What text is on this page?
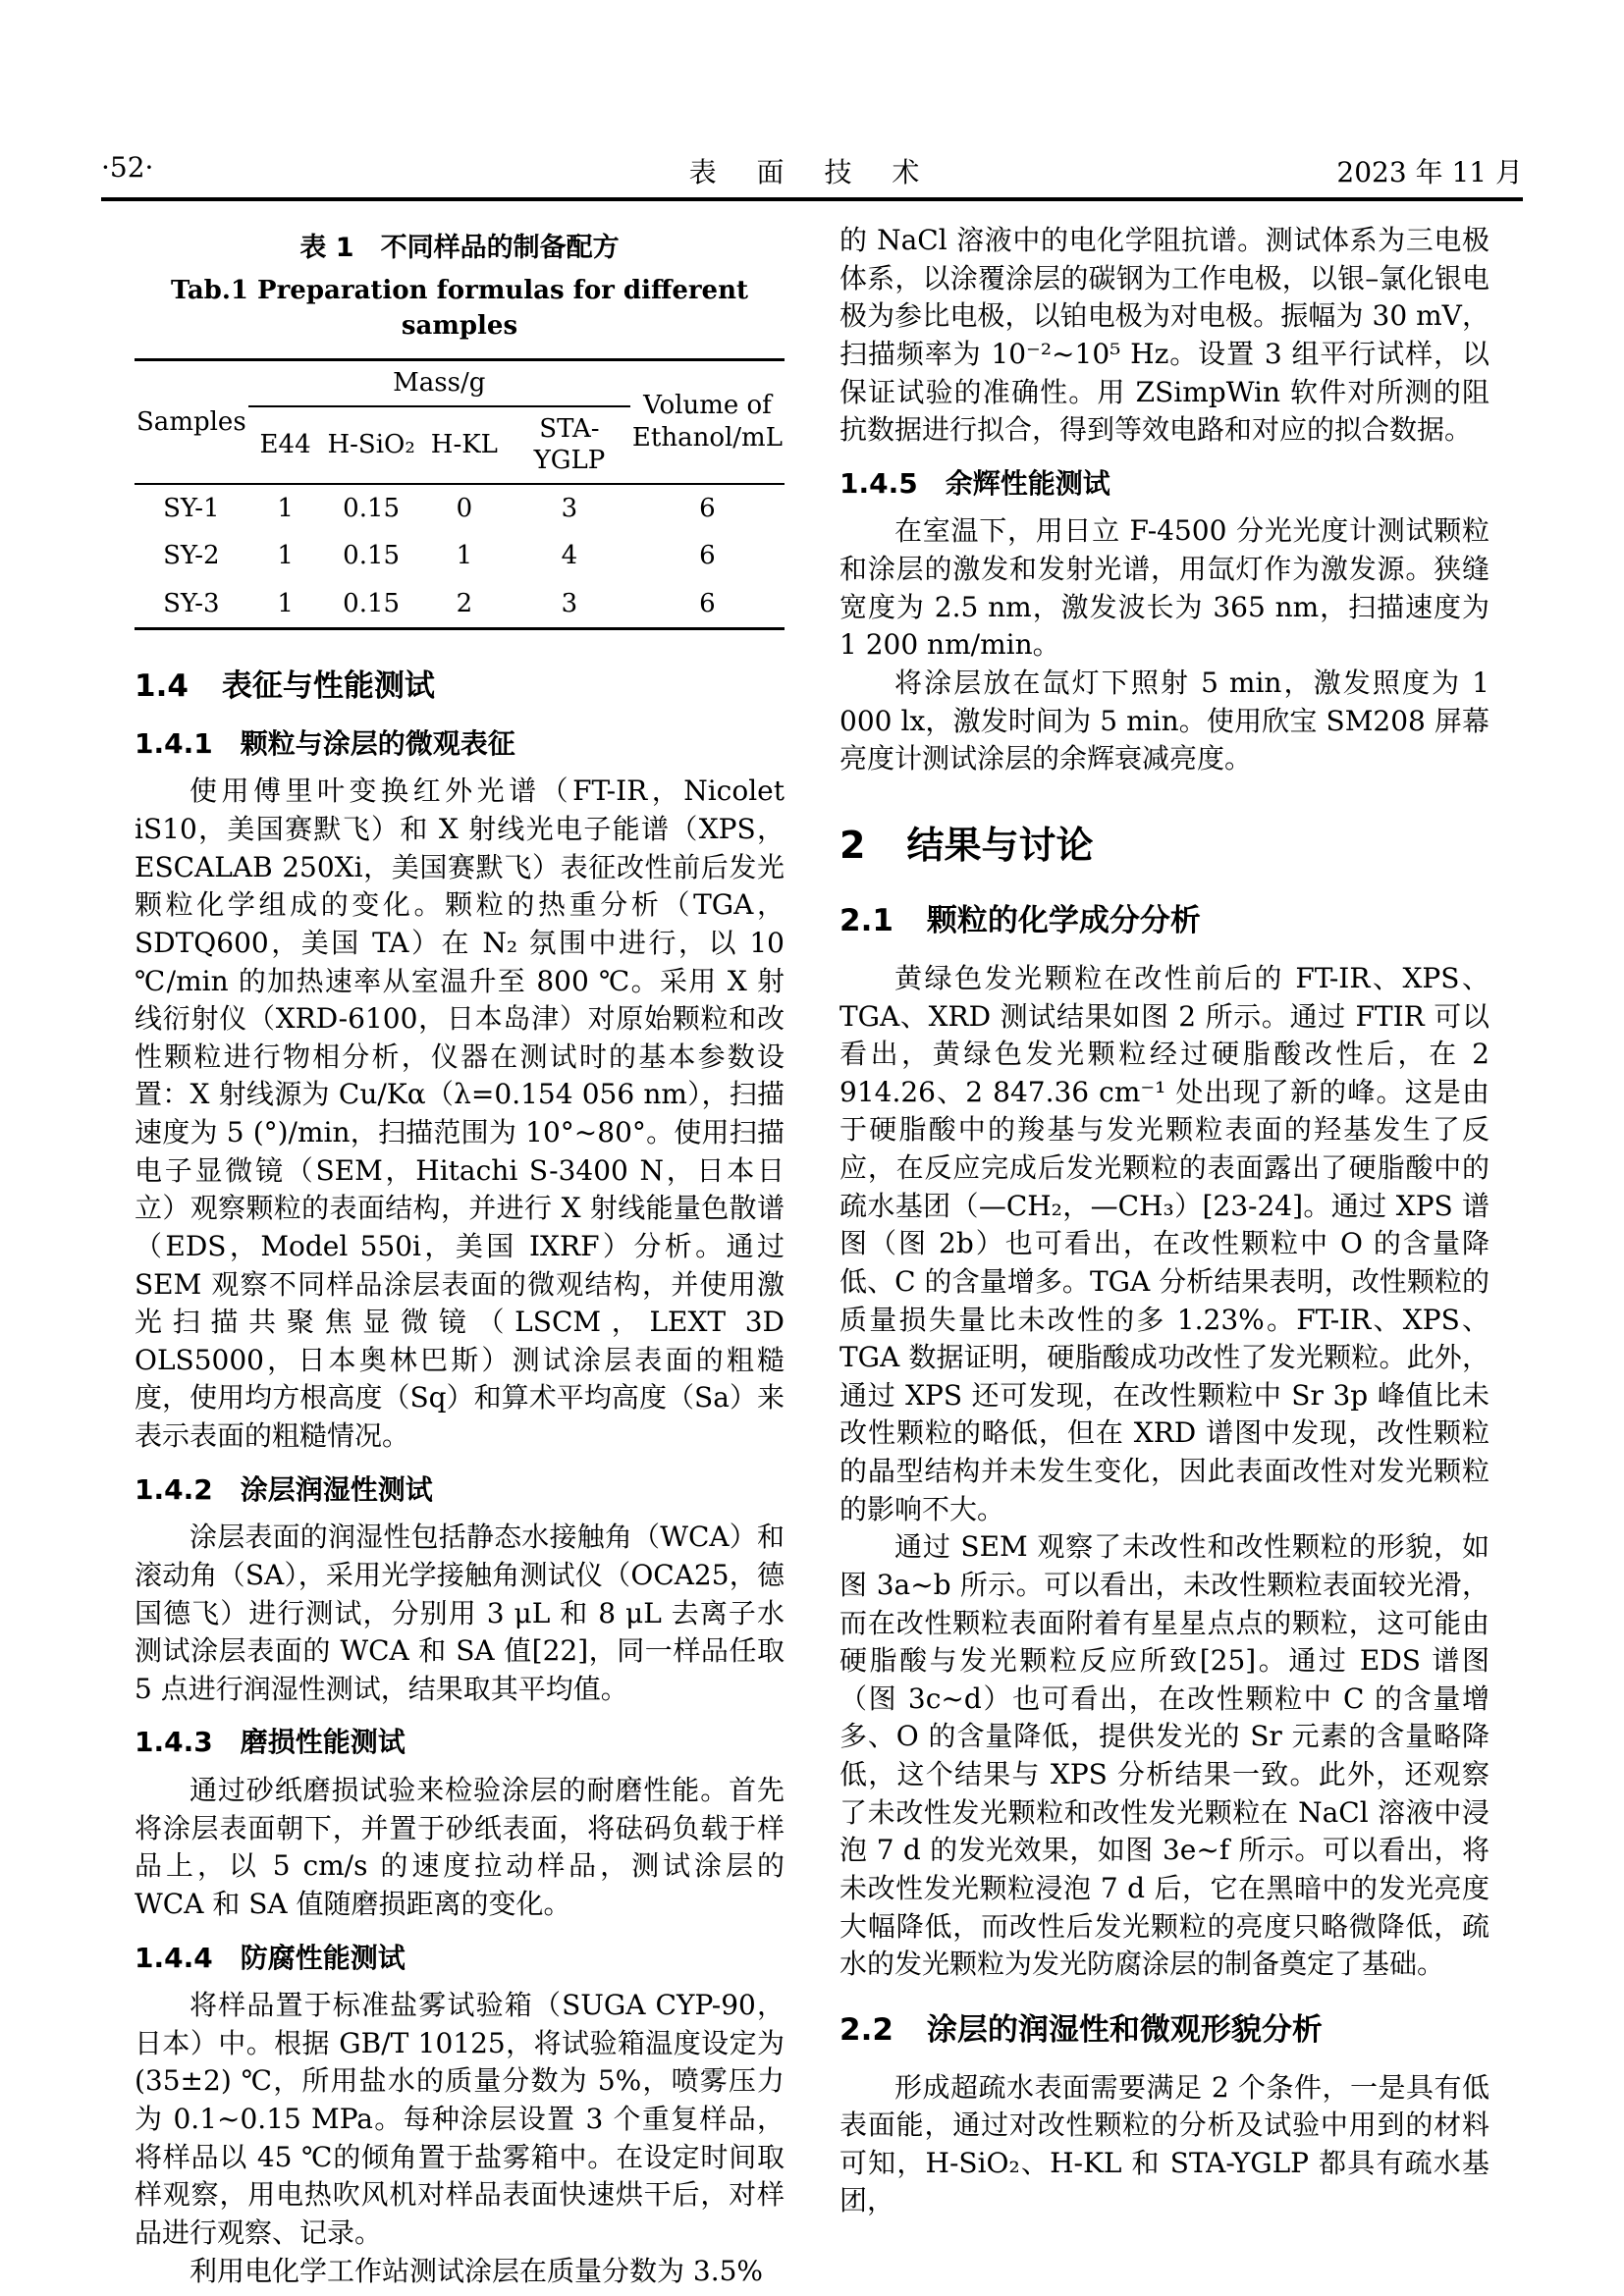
·52·	表 面 技 术	2023 年 11 月
表 1　不同样品的制备配方
Tab.1 Preparation formulas for different samples
Samples	Mass/g				Volume of
Ethanol/mL

	E44	H-SiO₂	H-KL	STA-YGLP	
SY-1	1	0.15	0	3	6
SY-2	1	0.15	1	4	6
SY-3	1	0.15	2	3	6
1.4 表征与性能测试
1.4.1 颗粒与涂层的微观表征

使用傅里叶变换红外光谱（FT-IR，Nicolet iS10，美国赛默飞）和 X 射线光电子能谱（XPS，ESCALAB 250Xi，美国赛默飞）表征改性前后发光颗粒化学组成的变化。颗粒的热重分析（TGA，SDTQ600，美国 TA）在 N₂ 氛围中进行，以 10 ℃/min 的加热速率从室温升至 800 ℃。采用 X 射线衍射仪（XRD-6100，日本岛津）对原始颗粒和改性颗粒进行物相分析，仪器在测试时的基本参数设置：X 射线源为 Cu/Kα（λ=0.154 056 nm），扫描速度为 5 (°)/min，扫描范围为 10°~80°。使用扫描电子显微镜（SEM，Hitachi S-3400 N，日本日立）观察颗粒的表面结构，并进行 X 射线能量色散谱（EDS，Model 550i，美国 IXRF）分析。通过 SEM 观察不同样品涂层表面的微观结构，并使用激光扫描共聚焦显微镜（LSCM，LEXT 3D OLS5000，日本奥林巴斯）测试涂层表面的粗糙度，使用均方根高度（Sq）和算术平均高度（Sa）来表示表面的粗糙情况。

1.4.2 涂层润湿性测试

涂层表面的润湿性包括静态水接触角（WCA）和滚动角（SA），采用光学接触角测试仪（OCA25，德国德飞）进行测试，分别用 3 μL 和 8 μL 去离子水测试涂层表面的 WCA 和 SA 值[22]，同一样品任取 5 点进行润湿性测试，结果取其平均值。

1.4.3 磨损性能测试

通过砂纸磨损试验来检验涂层的耐磨性能。首先将涂层表面朝下，并置于砂纸表面，将砝码负载于样品上，以 5 cm/s 的速度拉动样品，测试涂层的 WCA 和 SA 值随磨损距离的变化。

1.4.4 防腐性能测试

将样品置于标准盐雾试验箱（SUGA CYP-90，日本）中。根据 GB/T 10125，将试验箱温度设定为 (35±2) ℃，所用盐水的质量分数为 5%，喷雾压力为 0.1~0.15 MPa。每种涂层设置 3 个重复样品，将样品以 45 ℃的倾角置于盐雾箱中。在设定时间取样观察，用电热吹风机对样品表面快速烘干后，对样品进行观察、记录。

利用电化学工作站测试涂层在质量分数为 3.5%

的 NaCl 溶液中的电化学阻抗谱。测试体系为三电极体系，以涂覆涂层的碳钢为工作电极，以银–氯化银电极为参比电极，以铂电极为对电极。振幅为 30 mV，扫描频率为 10⁻²~10⁵ Hz。设置 3 组平行试样，以保证试验的准确性。用 ZSimpWin 软件对所测的阻抗数据进行拟合，得到等效电路和对应的拟合数据。

1.4.5 余辉性能测试

在室温下，用日立 F-4500 分光光度计测试颗粒和涂层的激发和发射光谱，用氙灯作为激发源。狭缝宽度为 2.5 nm，激发波长为 365 nm，扫描速度为 1 200 nm/min。

将涂层放在氙灯下照射 5 min，激发照度为 1 000 lx，激发时间为 5 min。使用欣宝 SM208 屏幕亮度计测试涂层的余辉衰减亮度。

2 结果与讨论
2.1 颗粒的化学成分分析

黄绿色发光颗粒在改性前后的 FT-IR、XPS、TGA、XRD 测试结果如图 2 所示。通过 FTIR 可以看出，黄绿色发光颗粒经过硬脂酸改性后，在 2 914.26、2 847.36 cm⁻¹ 处出现了新的峰。这是由于硬脂酸中的羧基与发光颗粒表面的羟基发生了反应，在反应完成后发光颗粒的表面露出了硬脂酸中的疏水基团（—CH₂，—CH₃）[23-24]。通过 XPS 谱图（图 2b）也可看出，在改性颗粒中 O 的含量降低、C 的含量增多。TGA 分析结果表明，改性颗粒的质量损失量比未改性的多 1.23%。FT-IR、XPS、TGA 数据证明，硬脂酸成功改性了发光颗粒。此外，通过 XPS 还可发现，在改性颗粒中 Sr 3p 峰值比未改性颗粒的略低，但在 XRD 谱图中发现，改性颗粒的晶型结构并未发生变化，因此表面改性对发光颗粒的影响不大。

通过 SEM 观察了未改性和改性颗粒的形貌，如图 3a~b 所示。可以看出，未改性颗粒表面较光滑，而在改性颗粒表面附着有星星点点的颗粒，这可能由硬脂酸与发光颗粒反应所致[25]。通过 EDS 谱图（图 3c~d）也可看出，在改性颗粒中 C 的含量增多、O 的含量降低，提供发光的 Sr 元素的含量略降低，这个结果与 XPS 分析结果一致。此外，还观察了未改性发光颗粒和改性发光颗粒在 NaCl 溶液中浸泡 7 d 的发光效果，如图 3e~f 所示。可以看出，将未改性发光颗粒浸泡 7 d 后，它在黑暗中的发光亮度大幅降低，而改性后发光颗粒的亮度只略微降低，疏水的发光颗粒为发光防腐涂层的制备奠定了基础。

2.2 涂层的润湿性和微观形貌分析

形成超疏水表面需要满足 2 个条件，一是具有低表面能，通过对改性颗粒的分析及试验中用到的材料可知，H-SiO₂、H-KL 和 STA-YGLP 都具有疏水基团，
